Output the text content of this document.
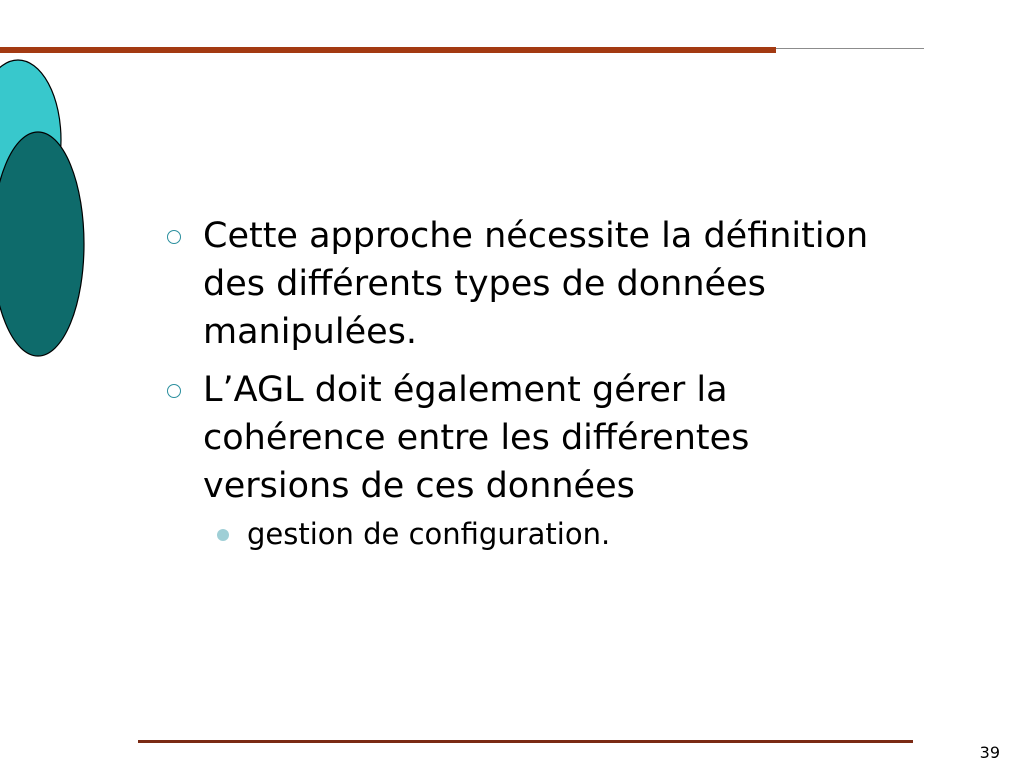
Cette approche nécessite la définition des différents types de données manipulées.
L’AGL doit également gérer la cohérence entre les différentes versions de ces données
gestion de configuration.
39
